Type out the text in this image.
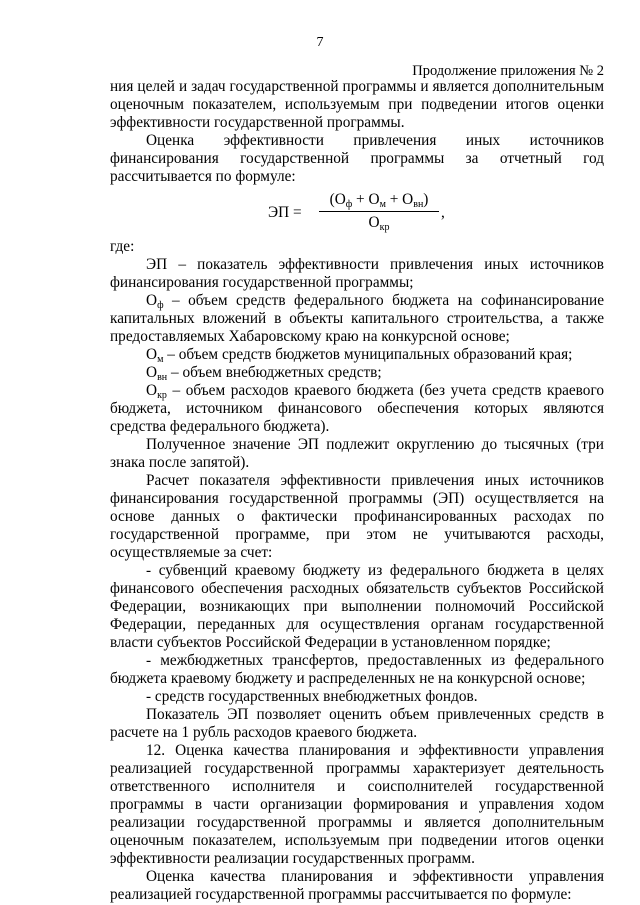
7
Продолжение приложения № 2

ния целей и задач государственной программы и является дополнительным оценочным показателем, используемым при подведении итогов оценки эффективности государственной программы.

Оценка эффективности привлечения иных источников финансирования государственной программы за отчетный год рассчитывается по формуле:

ЭП =
$(О_ф + О_м + О_{вн})$
$О_{кр}$
,

где:

ЭП – показатель эффективности привлечения иных источников финансирования государственной программы;

$О_ф$ – объем средств федерального бюджета на софинансирование капитальных вложений в объекты капитального строительства, а также предоставляемых Хабаровскому краю на конкурсной основе;

$О_м$ – объем средств бюджетов муниципальных образований края;

$О_{вн}$ – объем внебюджетных средств;

$О_{кр}$ – объем расходов краевого бюджета (без учета средств краевого бюджета, источником финансового обеспечения которых являются средства федерального бюджета).

Полученное значение ЭП подлежит округлению до тысячных (три знака после запятой).

Расчет показателя эффективности привлечения иных источников финансирования государственной программы (ЭП) осуществляется на основе данных о фактически профинансированных расходах по государственной программе, при этом не учитываются расходы, осуществляемые за счет:

- субвенций краевому бюджету из федерального бюджета в целях финансового обеспечения расходных обязательств субъектов Российской Федерации, возникающих при выполнении полномочий Российской Федерации, переданных для осуществления органам государственной власти субъектов Российской Федерации в установленном порядке;

- межбюджетных трансфертов, предоставленных из федерального бюджета краевому бюджету и распределенных не на конкурсной основе;

- средств государственных внебюджетных фондов.

Показатель ЭП позволяет оценить объем привлеченных средств в расчете на 1 рубль расходов краевого бюджета.

12. Оценка качества планирования и эффективности управления реализацией государственной программы характеризует деятельность ответственного исполнителя и соисполнителей государственной программы в части организации формирования и управления ходом реализации государственной программы и является дополнительным оценочным показателем, используемым при подведении итогов оценки эффективности реализации государственных программ.

Оценка качества планирования и эффективности управления реализацией государственной программы рассчитывается по формуле:
